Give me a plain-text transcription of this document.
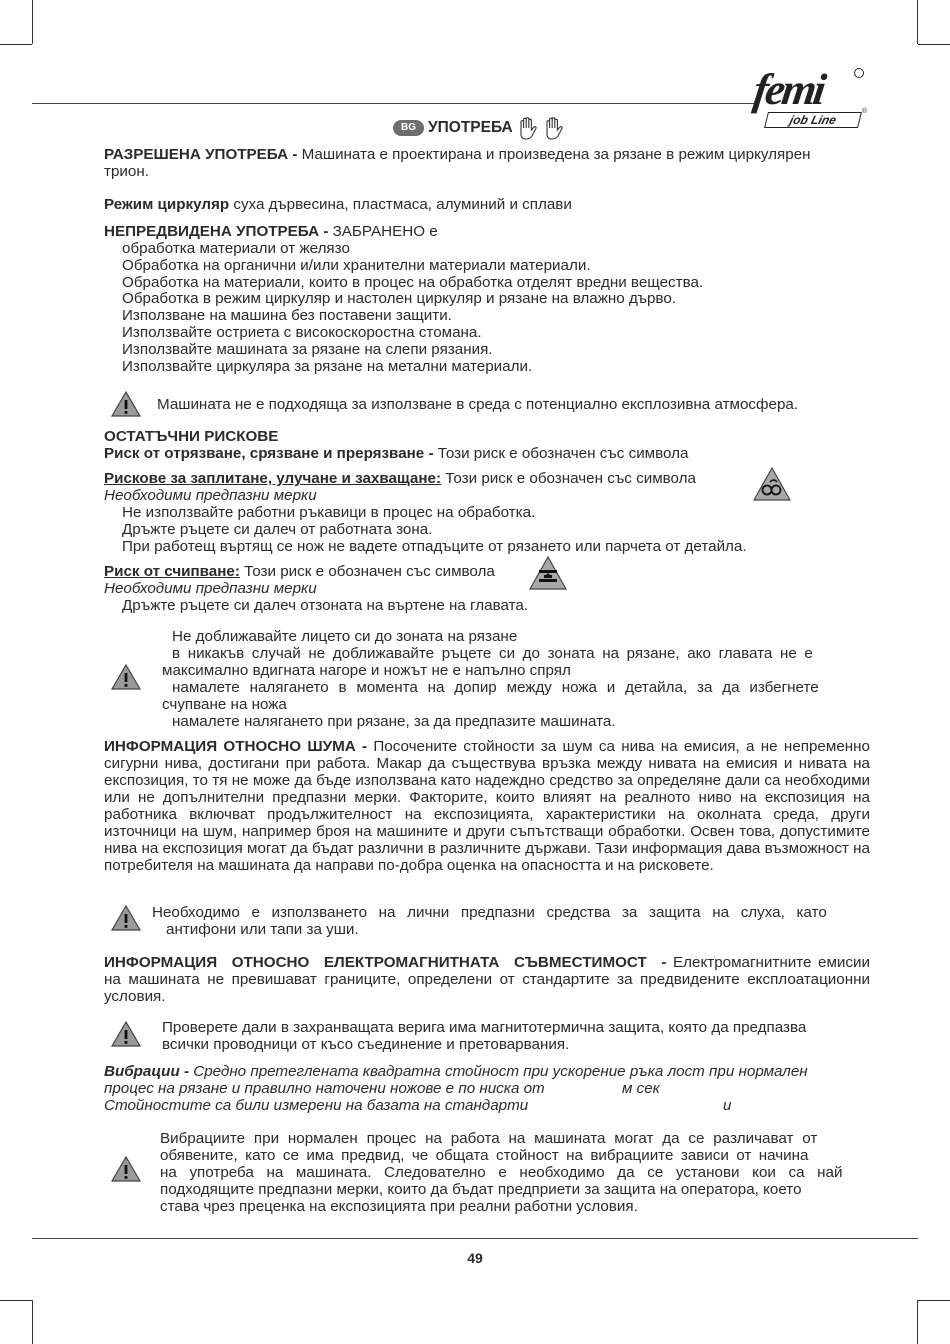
femi
job Line
®
BG УПОТРЕБА
РАЗРЕШЕНА УПОТРЕБА - Машината е проектирана и произведена за рязане в режим циркулярен
трион.
Режим циркуляр суха дървесина, пластмаса, алуминий и сплави
НЕПРЕДВИДЕНА УПОТРЕБА - ЗАБРАНЕНО е
обработка материали от желязо
Обработка на органични и/или хранителни материали материали.
Обработка на материали, които в процес на обработка отделят вредни вещества.
Обработка в режим циркуляр и настолен циркуляр и рязане на влажно дърво.
Използване на машина без поставени защити.
Използвайте остриета с високоскоростна стомана.
Използвайте машината за рязане на слепи рязания.
Използвайте циркуляра за рязане на метални материали.
Машината не е подходяща за използване в среда с потенциално експлозивна атмосфера.
ОСТАТЪЧНИ РИСКОВЕ
Риск от отрязване, срязване и прерязване - Този риск е обозначен със символа
Рискове за заплитане, улучане и захващане: Този риск е обозначен със символа
Необходими предпазни мерки
Не използвайте работни ръкавици в процес на обработка.
Дръжте ръцете си далеч от работната зона.
При работещ въртящ се нож не вадете отпадъците от рязането или парчета от детайла.
Риск от счипване: Този риск е обозначен със символа
Необходими предпазни мерки
Дръжте ръцете си далеч отзоната на въртене на главата.
Не доближавайте лицето си до зоната на рязане
в никакъв случай не доближавайте ръцете си до зоната на рязане, ако главата не е
максимално вдигната нагоре и ножът не е напълно спрял
намалете налягането в момента на допир между ножа и детайла, за да избегнете
счупване на ножа
намалете налягането при рязане, за да предпазите машината.
ИНФОРМАЦИЯ ОТНОСНО ШУМА - Посочените стойности за шум са нива на емисия, а не непременно сигурни нива, достигани при работа. Макар да съществува връзка между нивата на емисия и нивата на експозиция, то тя не може да бъде използвана като надеждно средство за определяне дали са необходими или не допълнителни предпазни мерки. Факторите, които влияят на реалното ниво на експозиция на работника включват продължителност на експозицията, характеристики на околната среда, други източници на шум, например броя на машините и други съпътстващи обработки. Освен това, допустимите нива на експозиция могат да бъдат различни в различните държави. Тази информация дава възможност на потребителя на машината да направи по-добра оценка на опасността и на рисковете.
Необходимо е използването на лични предпазни средства за защита на слуха, като
антифони или тапи за уши.
ИНФОРМАЦИЯ ОТНОСНО ЕЛЕКТРОМАГНИТНАТА СЪВМЕСТИМОСТ - Електромагнитните емисии на машината не превишават границите, определени от стандартите за предвидените експлоатационни условия.
Проверете дали в захранващата верига има магнитотермична защита, която да предпазва
всички проводници от късо съединение и претоварвания.
Вибрации - Средно претеглената квадратна стойност при ускорение ръка лост при нормален
процес на рязане и правилно наточени ножове е по ниска от	м сек
Стойностите са били измерени на базата на стандарти	и
Вибрациите при нормален процес на работа на машината могат да се различават от
обявените, като се има предвид, че общата стойност на вибрациите зависи от начина
на употреба на машината. Следователно е необходимо да се установи кои са най
подходящите предпазни мерки, които да бъдат предприети за защита на оператора, което
става чрез преценка на експозицията при реални работни условия.
49
